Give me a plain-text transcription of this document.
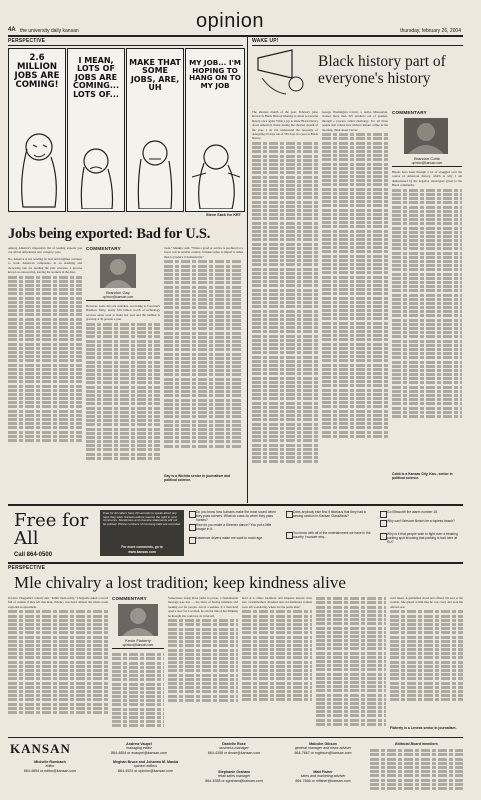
4A the university daily kansan	opinion	thursday, february 26, 2004
PERSPECTIVE	WAKE UP!
2.6 MILLION JOBS ARE COMING!
I MEAN, LOTS OF JOBS ARE COMING... LOTS OF...
MAKE THAT SOME JOBS, ARE, UH
MY JOB... I'M HOPING TO HANG ON TO MY JOB
Steve Sack for KRT
Jobs being exported: Bad for U.S.
Among America's impressive list of leading exports you can add an unfortunate new category: jobs.
No, America is not sending its best and brightest overseas to work. American companies, in an alarming and increasing rate are sending the jobs overseas, a process known as outsourcing, leaving the workers in the dust.
COMMENTARY
Brandon Gay
opinion@kansan.com
However, some data are available. According to Forrester's Business Daily, nearly $16 billion worth of technology services alone went to India last year and the number is growing at 30 percent a year.
trade," Mankiw said. "When a good or service is produced at a lower cost in another country, it makes sense to import it rather than to produce it domestically."
Gay is a Wichita senior in journalism and political science.
Black history part of everyone's history
The shortest month of the year, February (also known as Black History Month), is about to become history once again. What a joy to show Black history down America's throat during the shortest month of the year. I do not understand the necessity of delegating 29 days out of 365 days in a year to Black history.
George Washington Carver, a native Missourian, created more than 325 products out of peanuts, through a process called chemurgy. For all those people that cannot live without instant coffee in the morning, think about Carver.
COMMENTARY
Brandon Cobb
opinion@kansan.com
Blacks have been through a lot of struggles over the course of American history, which is why I am disheartened by the negative stereotypes given to the Black community.
Cobb is a Kansas City, Kan., senior in political science.
Free for All
Call 864-0500
Free for All callers have 20 seconds to speak about any topic they wish. Kansan editors reserve the right to omit comments. Slanderous and obscene statements will not be printed. Phone numbers of incoming calls are recorded.
For more comments, go to
www.kansan.com
Do you know how humans make the most sound when they pass corners. What do cows do when they pass horses?
How do you make a Kleenex dance? You put a little boogie in it.
Lawrence drivers make me want to road rage.
Does anybody else find it hilarious that they had a sewing section in Kansan Classifieds?
You know with all of the entertainment we have in the country I wonder why...
Go Ellsworth fire alarm number 15.
Why can't Wescoe Beach be a topless beach?
Why is it that people wish to fight over a freaking parking spot knowing that parking is bad here at KU?
PERSPECTIVE
Mle chivalry a lost tradition; keep kindness alive
In Dave Chappelle's comedy skit, "Killin' them softly," Chappelle asked a crowd full of women if they felt that male chivalry was dead. Almost the whole room exploded in agreement.
COMMENTARY
Kevin Flaherty
opinion@kansan.com
Somewhere along those paths to power, a fundamental message was lost — the ideas of having kindness and looking out for people. All of a sudden, if a man held open a door for a woman, he ran the risk of her thinking he thought she could not do it herself.
hold of it. Other traditions and etiquette lessons were lost. Grandmothers shrieked and old-fashioned women were left wondering, where are the polite men?
were taken. A gentleman stood and offered his seat to the woman. She glared at him like he was crazy and took the offered seat.
Flaherty is a Lenexa senior in journalism.
KANSAN
Michelle Rombach
editor
864-4854 or editor@kansan.com
Meghan Bruce and Johanna M. Maska
opinion editors
864-4924 or opinion@kansan.com
Andrew Vaupel
managing editor
864-4854 or avaupel@kansan.com
Danielle Rose
business manager
864-4358 or drose@kansan.com
Stephanie Graham
retail sales manager
864-4358 or sgraham@kansan.com
Malcolm Gibson
general manager and news adviser
864-7667 or mgibson@kansan.com
Matt Fisher
sales and marketing adviser
864-7666 or mfisher@kansan.com
Editorial Board members
